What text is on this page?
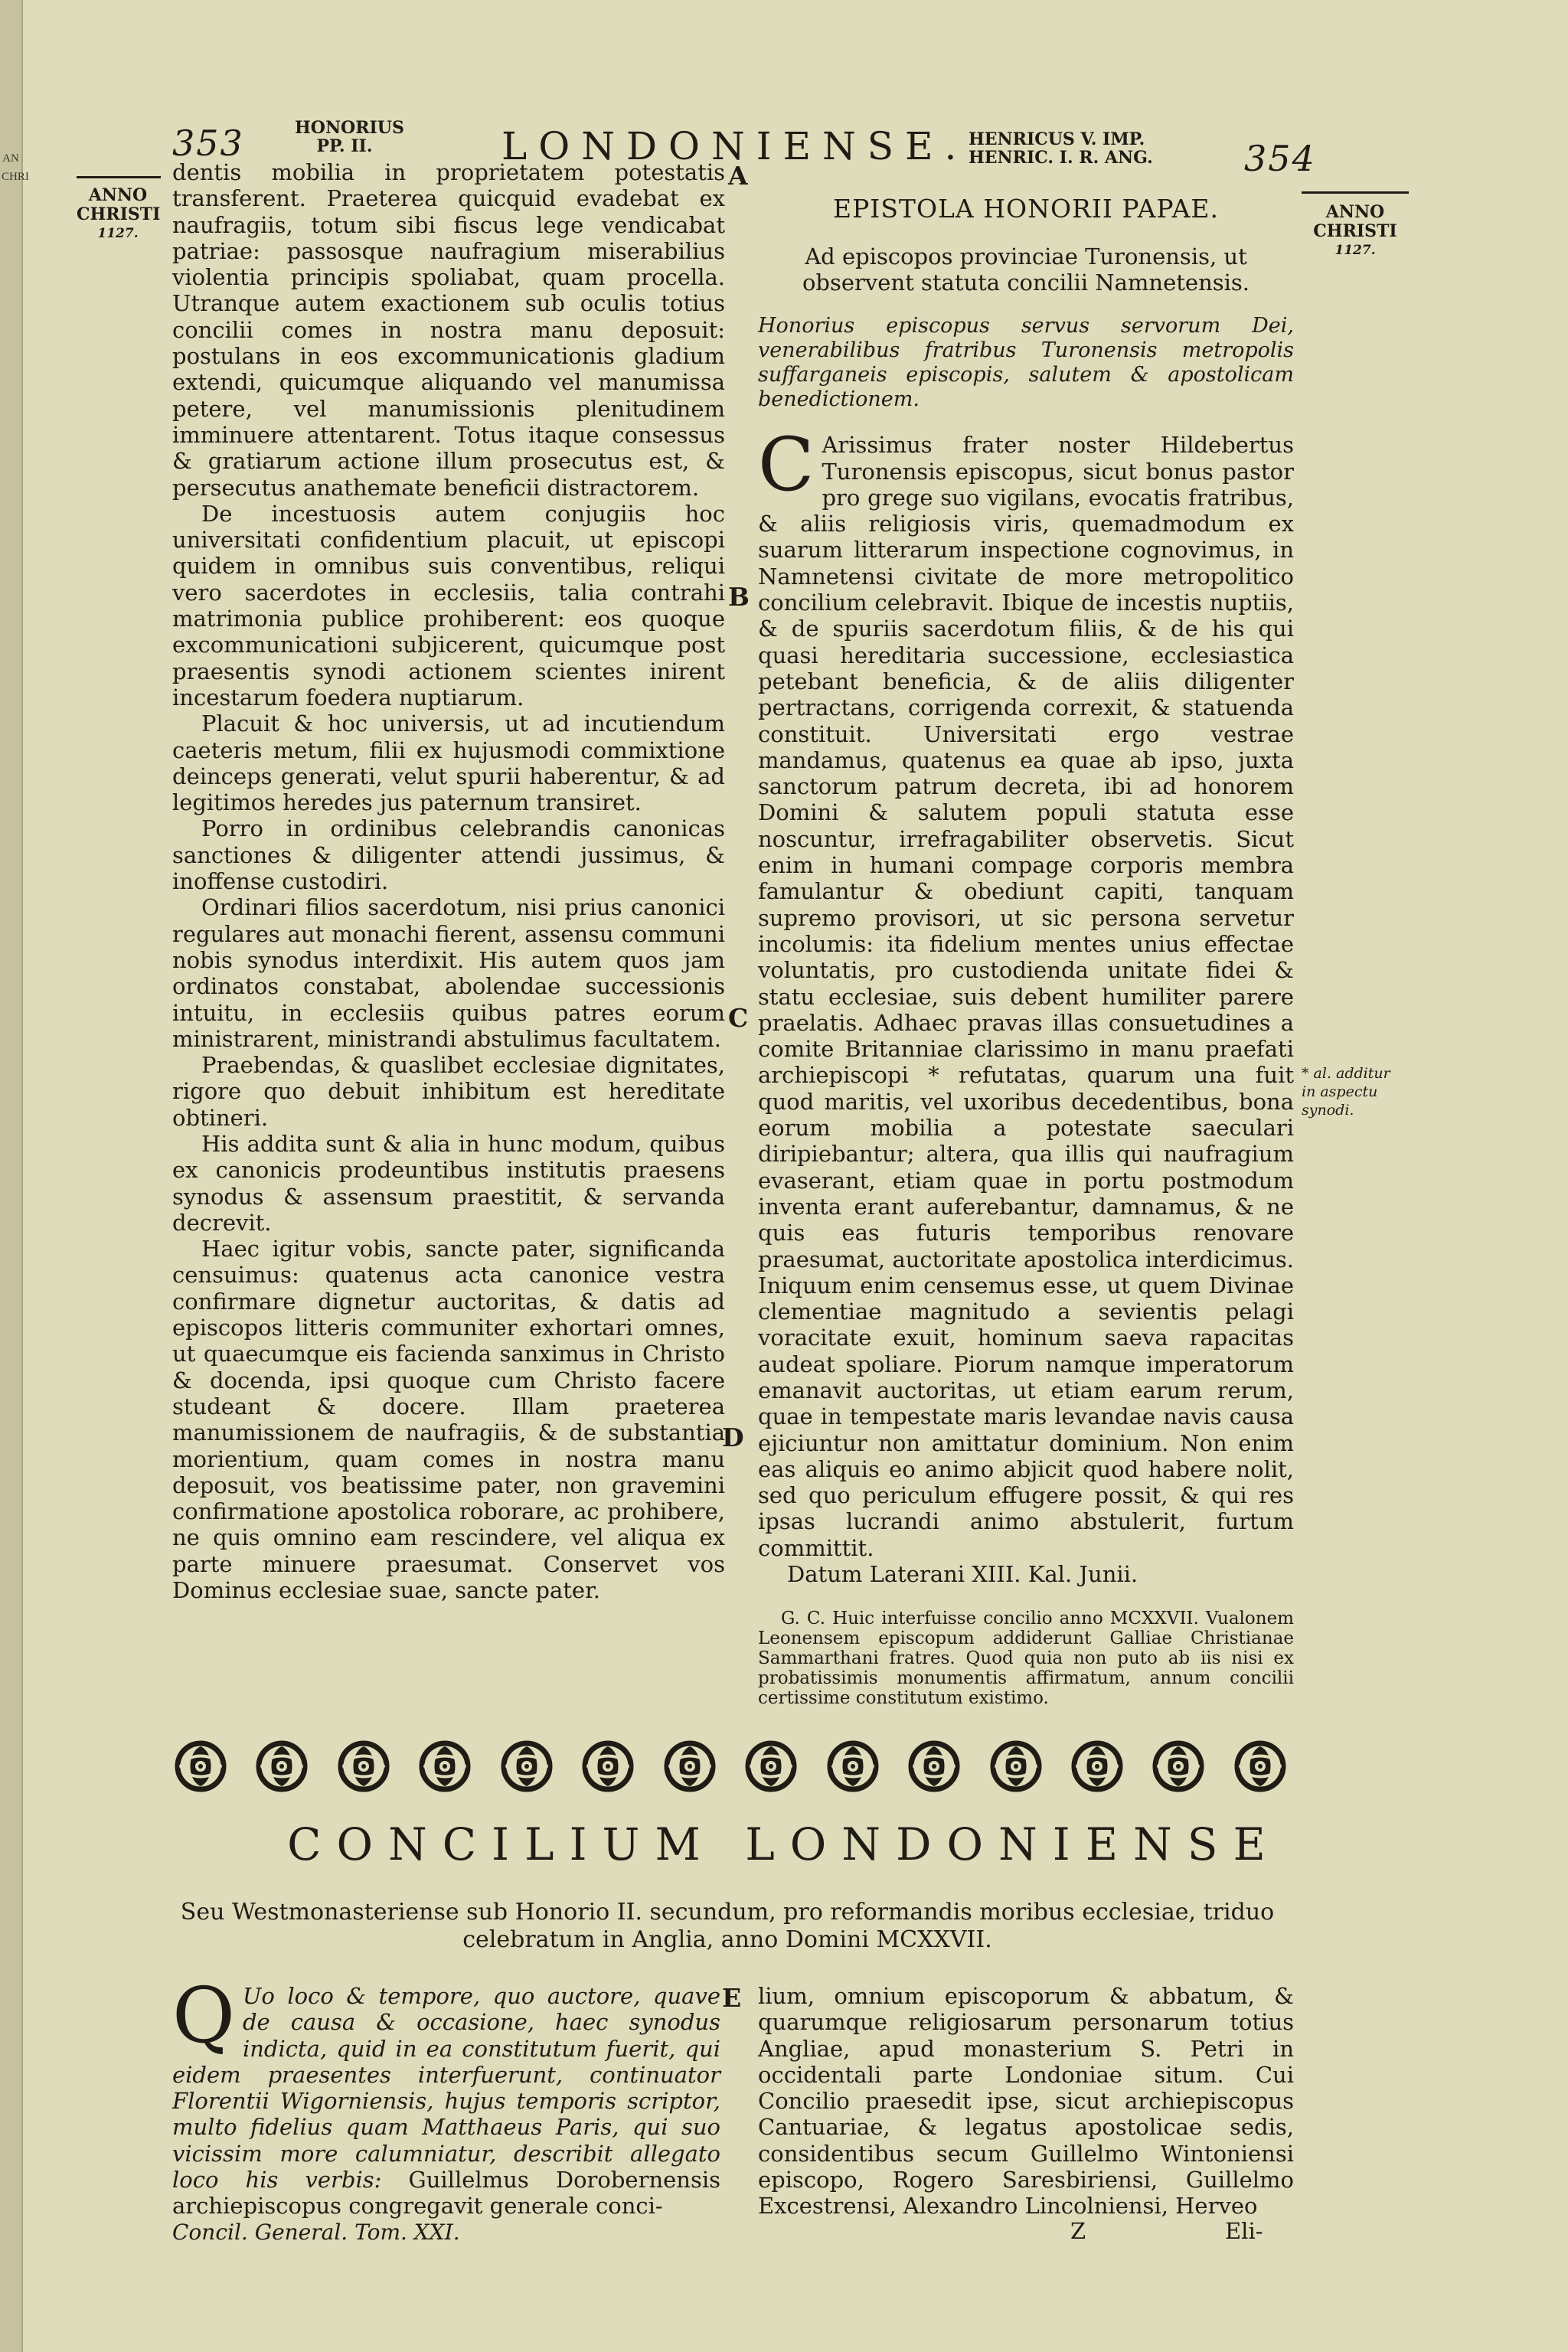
AN CHRI
353	HONORIUS
PP. II.	LONDONIENSE. HENRICUS V. IMP.
HENRIC. I. R. ANG.	354
ANNO
CHRISTI
1127.
ANNO
CHRISTI
1127.

dentis mobilia in proprietatem potestatis transferent. Praeterea quicquid evadebat ex naufragiis, totum sibi fiscus lege vendicabat patriae: passosque naufragium miserabilius violentia principis spoliabat, quam procella. Utranque autem exactionem sub oculis totius concilii comes in nostra manu deposuit: postulans in eos excommunicationis gladium extendi, quicumque aliquando vel manumissa petere, vel manumissionis plenitudinem imminuere attentarent. Totus itaque consessus & gratiarum actione illum prosecutus est, & persecutus anathemate beneficii distractorem.

De incestuosis autem conjugiis hoc universitati confidentium placuit, ut episcopi quidem in omnibus suis conventibus, reliqui vero sacerdotes in ecclesiis, talia contrahi matrimonia publice prohiberent: eos quoque excommunicationi subjicerent, quicumque post praesentis synodi actionem scientes inirent incestarum foedera nuptiarum.

Placuit & hoc universis, ut ad incutiendum caeteris metum, filii ex hujusmodi commixtione deinceps generati, velut spurii haberentur, & ad legitimos heredes jus paternum transiret.

Porro in ordinibus celebrandis canonicas sanctiones & diligenter attendi jussimus, & inoffense custodiri.

Ordinari filios sacerdotum, nisi prius canonici regulares aut monachi fierent, assensu communi nobis synodus interdixit. His autem quos jam ordinatos constabat, abolendae successionis intuitu, in ecclesiis quibus patres eorum ministrarent, ministrandi abstulimus facultatem.

Praebendas, & quaslibet ecclesiae dignitates, rigore quo debuit inhibitum est hereditate obtineri.

His addita sunt & alia in hunc modum, quibus ex canonicis prodeuntibus institutis praesens synodus & assensum praestitit, & servanda decrevit.

Haec igitur vobis, sancte pater, significanda censuimus: quatenus acta canonice vestra confirmare dignetur auctoritas, & datis ad episcopos litteris communiter exhortari omnes, ut quaecumque eis facienda sanximus in Christo & docenda, ipsi quoque cum Christo facere studeant & docere. Illam praeterea manumissionem de naufragiis, & de substantia morientium, quam comes in nostra manu deposuit, vos beatissime pater, non gravemini confirmatione apostolica roborare, ac prohibere, ne quis omnino eam rescindere, vel aliqua ex parte minuere praesumat. Conservet vos Dominus ecclesiae suae, sancte pater.

A
B
C
D
E
EPISTOLA HONORII PAPAE.
Ad episcopos provinciae Turonensis, ut observent statuta concilii Namnetensis.
Honorius episcopus servus servorum Dei, venerabilibus fratribus Turonensis metropolis suffarganeis episcopis, salutem & apostolicam benedictionem.

C Arissimus frater noster Hildebertus Turonensis episcopus, sicut bonus pastor pro grege suo vigilans, evocatis fratribus, & aliis religiosis viris, quemadmodum ex suarum litterarum inspectione cognovimus, in Namnetensi civitate de more metropolitico concilium celebravit. Ibique de incestis nuptiis, & de spuriis sacerdotum filiis, & de his qui quasi hereditaria successione, ecclesiastica petebant beneficia, & de aliis diligenter pertractans, corrigenda correxit, & statuenda constituit. Universitati ergo vestrae mandamus, quatenus ea quae ab ipso, juxta sanctorum patrum decreta, ibi ad honorem Domini & salutem populi statuta esse noscuntur, irrefragabiliter observetis. Sicut enim in humani compage corporis membra famulantur & obediunt capiti, tanquam supremo provisori, ut sic persona servetur incolumis: ita fidelium mentes unius effectae voluntatis, pro custodienda unitate fidei & statu ecclesiae, suis debent humiliter parere praelatis. Adhaec pravas illas consuetudines a comite Britanniae clarissimo in manu praefati archiepiscopi * refutatas, quarum una fuit quod maritis, vel uxoribus decedentibus, bona eorum mobilia a potestate saeculari diripiebantur; altera, qua illis qui naufragium evaserant, etiam quae in portu postmodum inventa erant auferebantur, damnamus, & ne quis eas futuris temporibus renovare praesumat, auctoritate apostolica interdicimus. Iniquum enim censemus esse, ut quem Divinae clementiae magnitudo a sevientis pelagi voracitate exuit, hominum saeva rapacitas audeat spoliare. Piorum namque imperatorum emanavit auctoritas, ut etiam earum rerum, quae in tempestate maris levandae navis causa ejiciuntur non amittatur dominium. Non enim eas aliquis eo animo abjicit quod habere nolit, sed quo periculum effugere possit, & qui res ipsas lucrandi animo abstulerit, furtum committit.

Datum Laterani XIII. Kal. Junii.

G. C. Huic interfuisse concilio anno MCXXVII. Vualonem Leonensem episcopum addiderunt Galliae Christianae Sammarthani fratres. Quod quia non puto ab iis nisi ex probatissimis monumentis affirmatum, annum concilii certissime constitutum existimo.
* al. additur
in aspectu
synodi.
CONCILIUM LONDONIENSE
Seu Westmonasteriense sub Honorio II. secundum, pro reformandis moribus ecclesiae, triduo celebratum in Anglia, anno Domini MCXXVII.

Q Uo loco & tempore, quo auctore, quave de causa & occasione, haec synodus indicta, quid in ea constitutum fuerit, qui eidem praesentes interfuerunt, continuator Florentii Wigorniensis, hujus temporis scriptor, multo fidelius quam Matthaeus Paris, qui suo vicissim more calumniatur, describit allegato loco his verbis: Guillelmus Dorobernensis archiepiscopus congregavit generale conci-

Concil. General. Tom. XXI.

lium, omnium episcoporum & abbatum, & quarumque religiosarum personarum totius Angliae, apud monasterium S. Petri in occidentali parte Londoniae situm. Cui Concilio praesedit ipse, sicut archiepiscopus Cantuariae, & legatus apostolicae sedis, considentibus secum Guillelmo Wintoniensi episcopo, Rogero Saresbiriensi, Guillelmo Excestrensi, Alexandro Lincolniensi, Herveo

Z	Eli-
